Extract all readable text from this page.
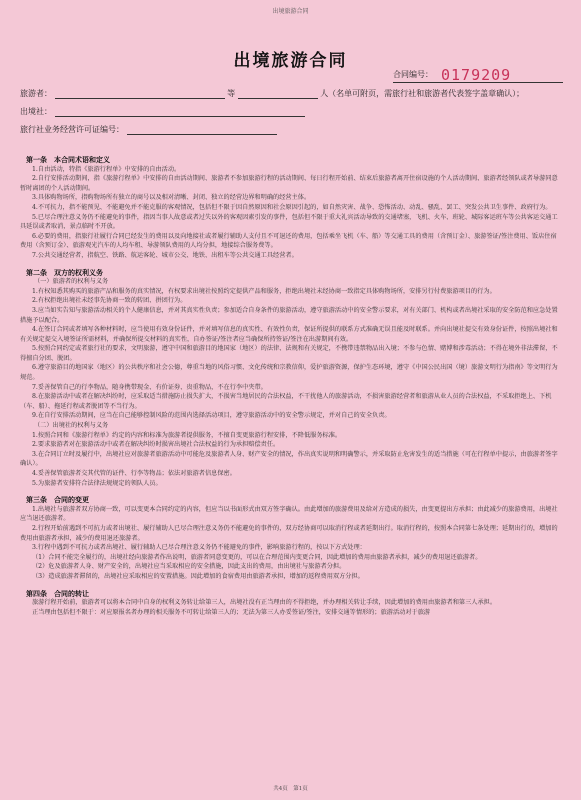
出境旅游合同
出境旅游合同
合同编号： 0179209
旅游者：	等	人（名单可附页，需旅行社和旅游者代表签字盖章确认）；
出境社：
旅行社业务经营许可证编号：
第一条　本合同术语和定义

1.自由活动，特指《旅游行程单》中安排的自由活动。

2.自行安排活动期间，指《旅游行程单》中安排的自由活动期间、旅游者不参加旅游行程的活动期间、每日行程开始前、结束后旅游者离开住宿设施的个人活动期间、旅游者经领队或者导游同意暂时离团的个人活动期间。

3.具体购物场所，指购物场所有独立的商号以及相对清晰、封闭、独立的经营边界和明确的经营主体。

4.不可抗力，指不能预见、不能避免并不能克服的客观情况，包括但不限于因自然原因和社会原因引起的，如自然灾害、战争、恐怖活动、动乱、骚乱、罢工、突发公共卫生事件、政府行为。

5.已尽合理注意义务仍不能避免的事件，指因当事人故意或者过失以外的客观因素引发的事件，包括但不限于重大礼宾活动导致的交通堵塞，飞机、火车、班轮、城际客运班车等公共客运交通工具延误或者取消，景点临时不开放。

6.必要的费用，指旅行社履行合同已经发生的费用以及向地接社或者履行辅助人支付且不可退还的费用，包括乘坐飞机（车、船）等交通工具的费用（含预订金）、旅游签证/签注费用、饭店住宿费用（含预订金）、旅游观光汽车的人均车租、导游领队费用的人均分担，地接综合服务费等。

7.公共交通经营者，指航空、铁路、航运客轮、城市公交、地铁、出租车等公共交通工具经营者。

第二条　双方的权利义务
（一）旅游者的权利与义务

1.有权知悉其购买的旅游产品和服务的真实情况，有权要求出境社按照约定提供产品和服务，拒绝出境社未经协商一致指定具体购物场所，安排另行付费旅游项目的行为。

2.有权拒绝出境社未经事先协商一致的转团、拼团行为。

3.应当如实告知与旅游活动相关的个人健康信息，并对其真实性负责；参加适合自身条件的旅游活动，遵守旅游活动中的安全警示要求，对有关部门、机构或者出境社采取的安全防范和应急处置措施予以配合。

4.在签订合同或者填写各种材料时，应当使用有效身份证件，并对填写信息的真实性、有效性负责，保证所提供的联系方式准确无误且能及时联系。并向出境社提交有效身份证件，按照出境社和有关规定提交入境签证所需材料，并确保所提交材料的真实性，自办签证/签注者应当确保所持签证/签注在出游期间有效。

5.按照合同约定或者旅行社的要求，文明旅游，遵守中国和旅游目的地国家（地区）的法律、法规和有关规定，不携带违禁物品出入境；不参与色情、赌博和涉毒活动；不得在境外非法滞留，不得擅自分团、脱团。

6.遵守旅游目的地国家（地区）的公共秩序和社会公德，尊重当地的风俗习惯、文化传统和宗教信仰，爱护旅游资源，保护生态环境，遵守《中国公民出国（境）旅游文明行为指南》等文明行为规范。

7.妥善保管自己的行李物品，随身携带现金、有价证券、贵重物品，不在行李中夹带。

8.在旅游活动中或者在解决纠纷时，应采取适当措施防止损失扩大，不损害当地居民的合法权益，不干扰他人的旅游活动，不损害旅游经营者和旅游从业人员的合法权益，不采取拒绝上、下机（车、船）、拖延行程或者脱团等不当行为。

9.在自行安排活动期间，应当在自己能够控制风险的范围内选择活动项目，遵守旅游活动中的安全警示规定，并对自己的安全负责。

（二）出境社的权利与义务

1.按照合同和《旅游行程单》约定的内容和标准为旅游者提供服务，不擅自变更旅游行程安排，不降低服务标准。

2.要求旅游者对在旅游活动中或者在解决纠纷时损害出境社合法权益的行为承担赔偿责任。

3.在合同订立时及履行中，出境社应对旅游者旅游活动中可能危及旅游者人身、财产安全的情况，作出真实说明和明确警示，并采取防止危害发生的适当措施（可在行程单中提示，由旅游者签字确认）。

4.妥善保管旅游者交其代管的证件、行李等物品；依法对旅游者信息保密。

5.为旅游者安排符合法律法规规定的领队人员。

第三条　合同的变更

1.出境社与旅游者双方协商一致，可以变更本合同约定的内容，但应当以书面形式由双方签字确认。由此增加的旅游费用及给对方造成的损失，由变更提出方承担；由此减少的旅游费用，出境社应当退还旅游者。

2.行程开始前遇到不可抗力或者出境社、履行辅助人已尽合理注意义务仍不能避免的事件的，双方经协商可以取消行程或者延期出行。取消行程的，按照本合同第七条处理；延期出行的，增加的费用由旅游者承担，减少的费用退还旅游者。

3.行程中遇到不可抗力或者出境社、履行辅助人已尽合理注意义务仍不能避免的事件，影响旅游行程的，按以下方式处理：

（1）合同不能完全履行的，出境社经向旅游者作出说明，旅游者同意变更的，可以在合理范围内变更合同，因此增加的费用由旅游者承担，减少的费用退还旅游者。

（2）危及旅游者人身、财产安全的，出境社应当采取相应的安全措施，因此支出的费用，由出境社与旅游者分担。

（3）造成旅游者滞留的，出境社应采取相应的安置措施。因此增加的食宿费用由旅游者承担，增加的返程费用双方分担。

第四条　合同的转让

旅游行程开始前，旅游者可以将本合同中自身的权利义务转让给第三人，出境社没有正当理由的不得拒绝，并办理相关转让手续，因此增加的费用由旅游者和第三人承担。

正当理由包括但不限于：对应原报名者办理的相关服务不可转让给第三人的；无法为第三人办妥签证/签注，安排交通等情形的；旅游活动对于旅游

共4页　第1页
